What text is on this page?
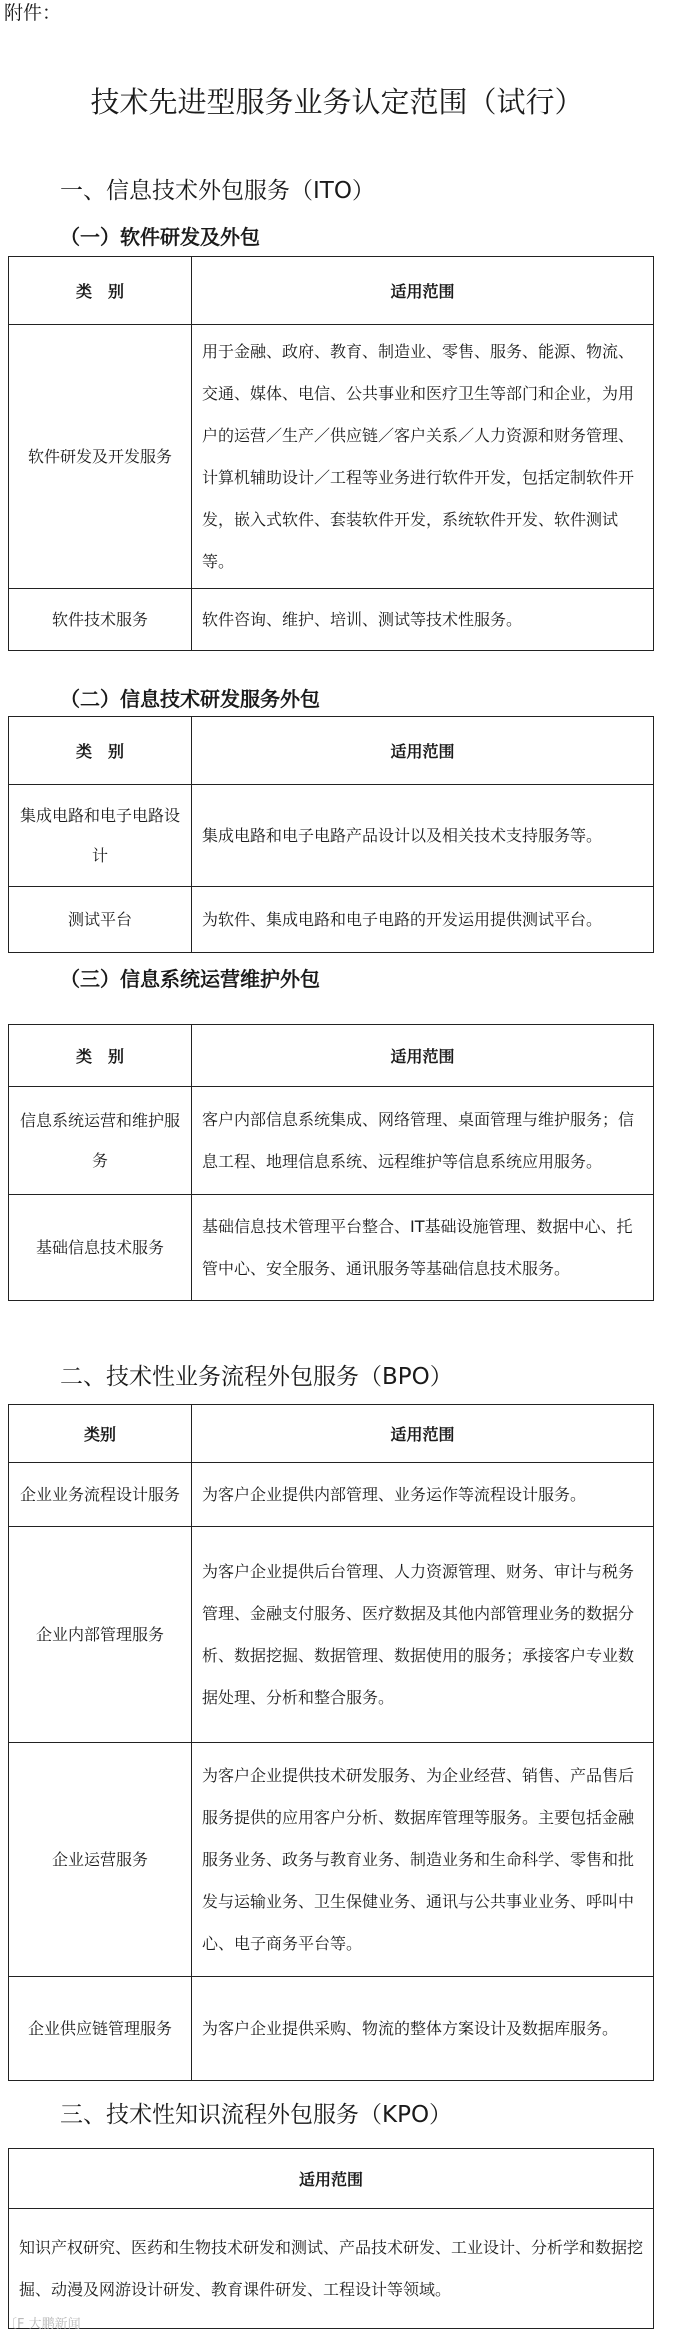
附件：
技术先进型服务业务认定范围（试行）
一、信息技术外包服务（ITO）
（一）软件研发及外包
类　别	适用范围
软件研发及开发服务	用于金融、政府、教育、制造业、零售、服务、能源、物流、交通、媒体、电信、公共事业和医疗卫生等部门和企业，为用户的运营／生产／供应链／客户关系／人力资源和财务管理、计算机辅助设计／工程等业务进行软件开发，包括定制软件开发，嵌入式软件、套装软件开发，系统软件开发、软件测试等。
软件技术服务	软件咨询、维护、培训、测试等技术性服务。
（二）信息技术研发服务外包
类　别	适用范围
集成电路和电子电路设计	集成电路和电子电路产品设计以及相关技术支持服务等。
测试平台	为软件、集成电路和电子电路的开发运用提供测试平台。
（三）信息系统运营维护外包
类　别	适用范围
信息系统运营和维护服务	客户内部信息系统集成、网络管理、桌面管理与维护服务；信息工程、地理信息系统、远程维护等信息系统应用服务。
基础信息技术服务	基础信息技术管理平台整合、IT基础设施管理、数据中心、托管中心、安全服务、通讯服务等基础信息技术服务。
二、技术性业务流程外包服务（BPO）
类别	适用范围
企业业务流程设计服务	为客户企业提供内部管理、业务运作等流程设计服务。
企业内部管理服务	为客户企业提供后台管理、人力资源管理、财务、审计与税务管理、金融支付服务、医疗数据及其他内部管理业务的数据分析、数据挖掘、数据管理、数据使用的服务；承接客户专业数据处理、分析和整合服务。
企业运营服务	为客户企业提供技术研发服务、为企业经营、销售、产品售后服务提供的应用客户分析、数据库管理等服务。主要包括金融服务业务、政务与教育业务、制造业务和生命科学、零售和批发与运输业务、卫生保健业务、通讯与公共事业业务、呼叫中心、电子商务平台等。
企业供应链管理服务	为客户企业提供采购、物流的整体方案设计及数据库服务。
三、技术性知识流程外包服务（KPO）
适用范围
知识产权研究、医药和生物技术研发和测试、产品技术研发、工业设计、分析学和数据挖掘、动漫及网游设计研发、教育课件研发、工程设计等领域。
〔F 大鹏新闻
